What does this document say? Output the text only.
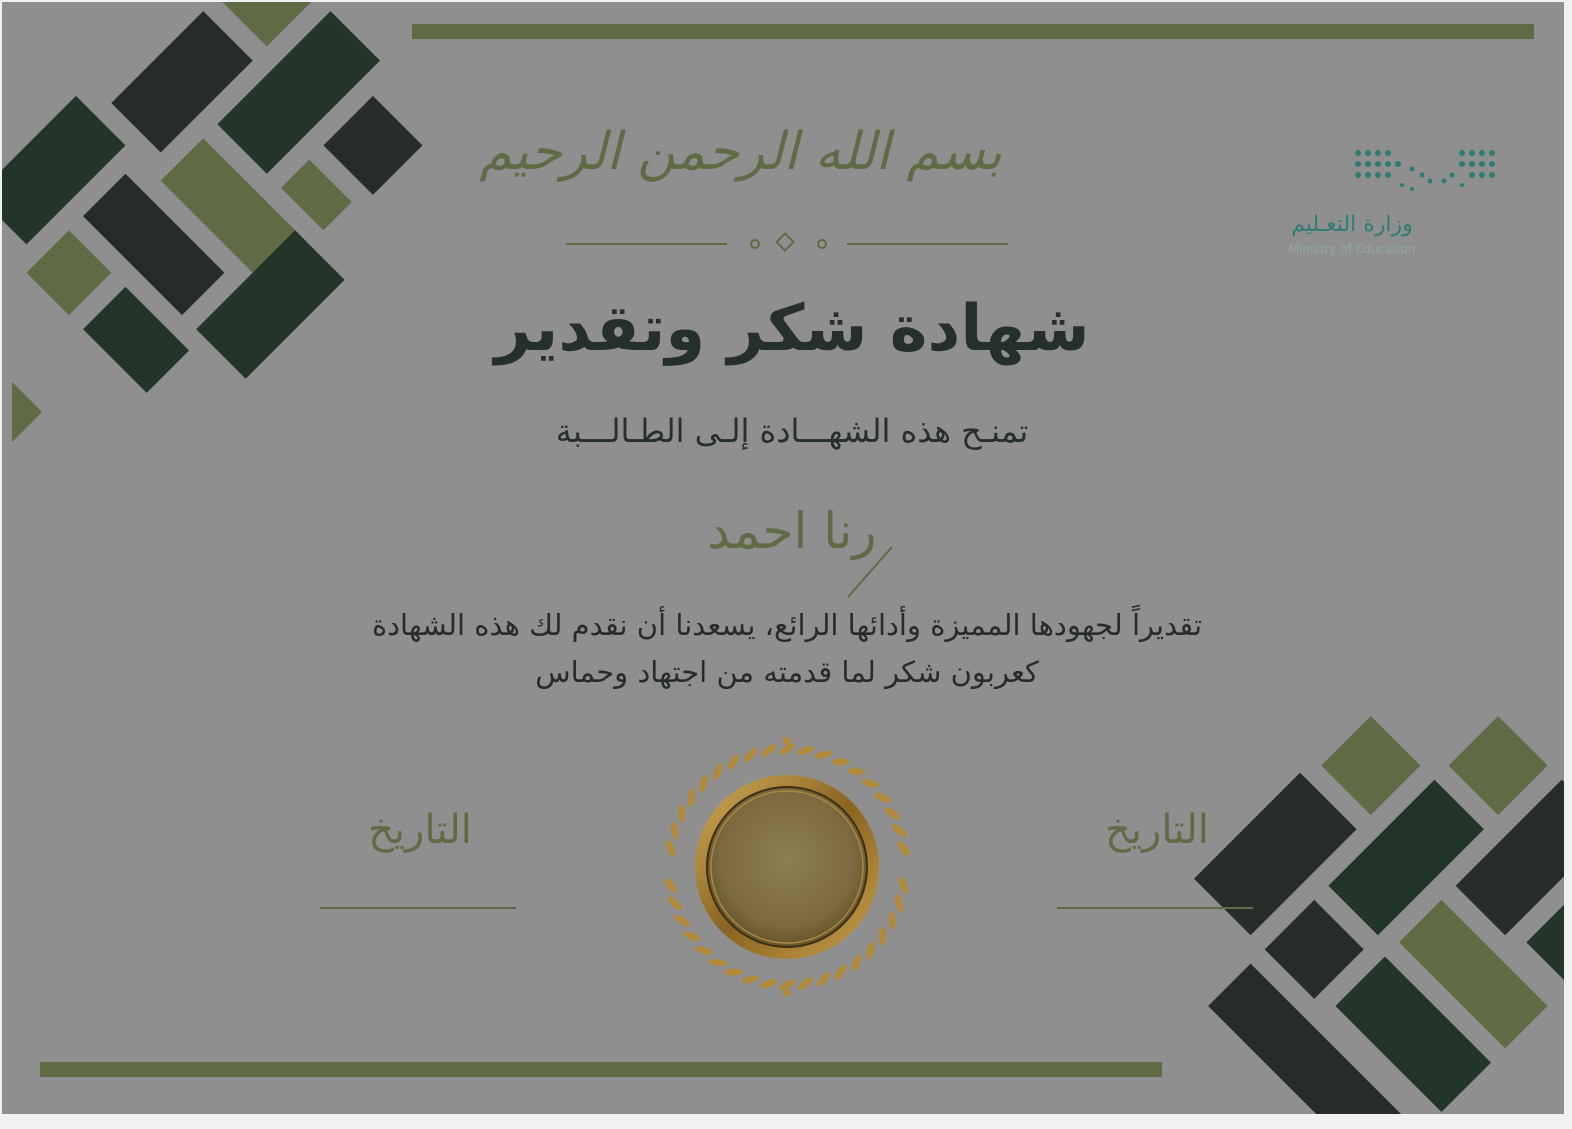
بسم الله الرحمن الرحيم
وزارة التعـليم
Ministry of Education
شهادة شكر وتقدير
تمنـح هذه الشهـــادة إلـى الطـالـــبة
رنا احمد
تقديراً لجهودها المميزة وأدائها الرائع، يسعدنا أن نقدم لك هذه الشهادة
كعربون شكر لما قدمته من اجتهاد وحماس
التاريخ	التاريخ
